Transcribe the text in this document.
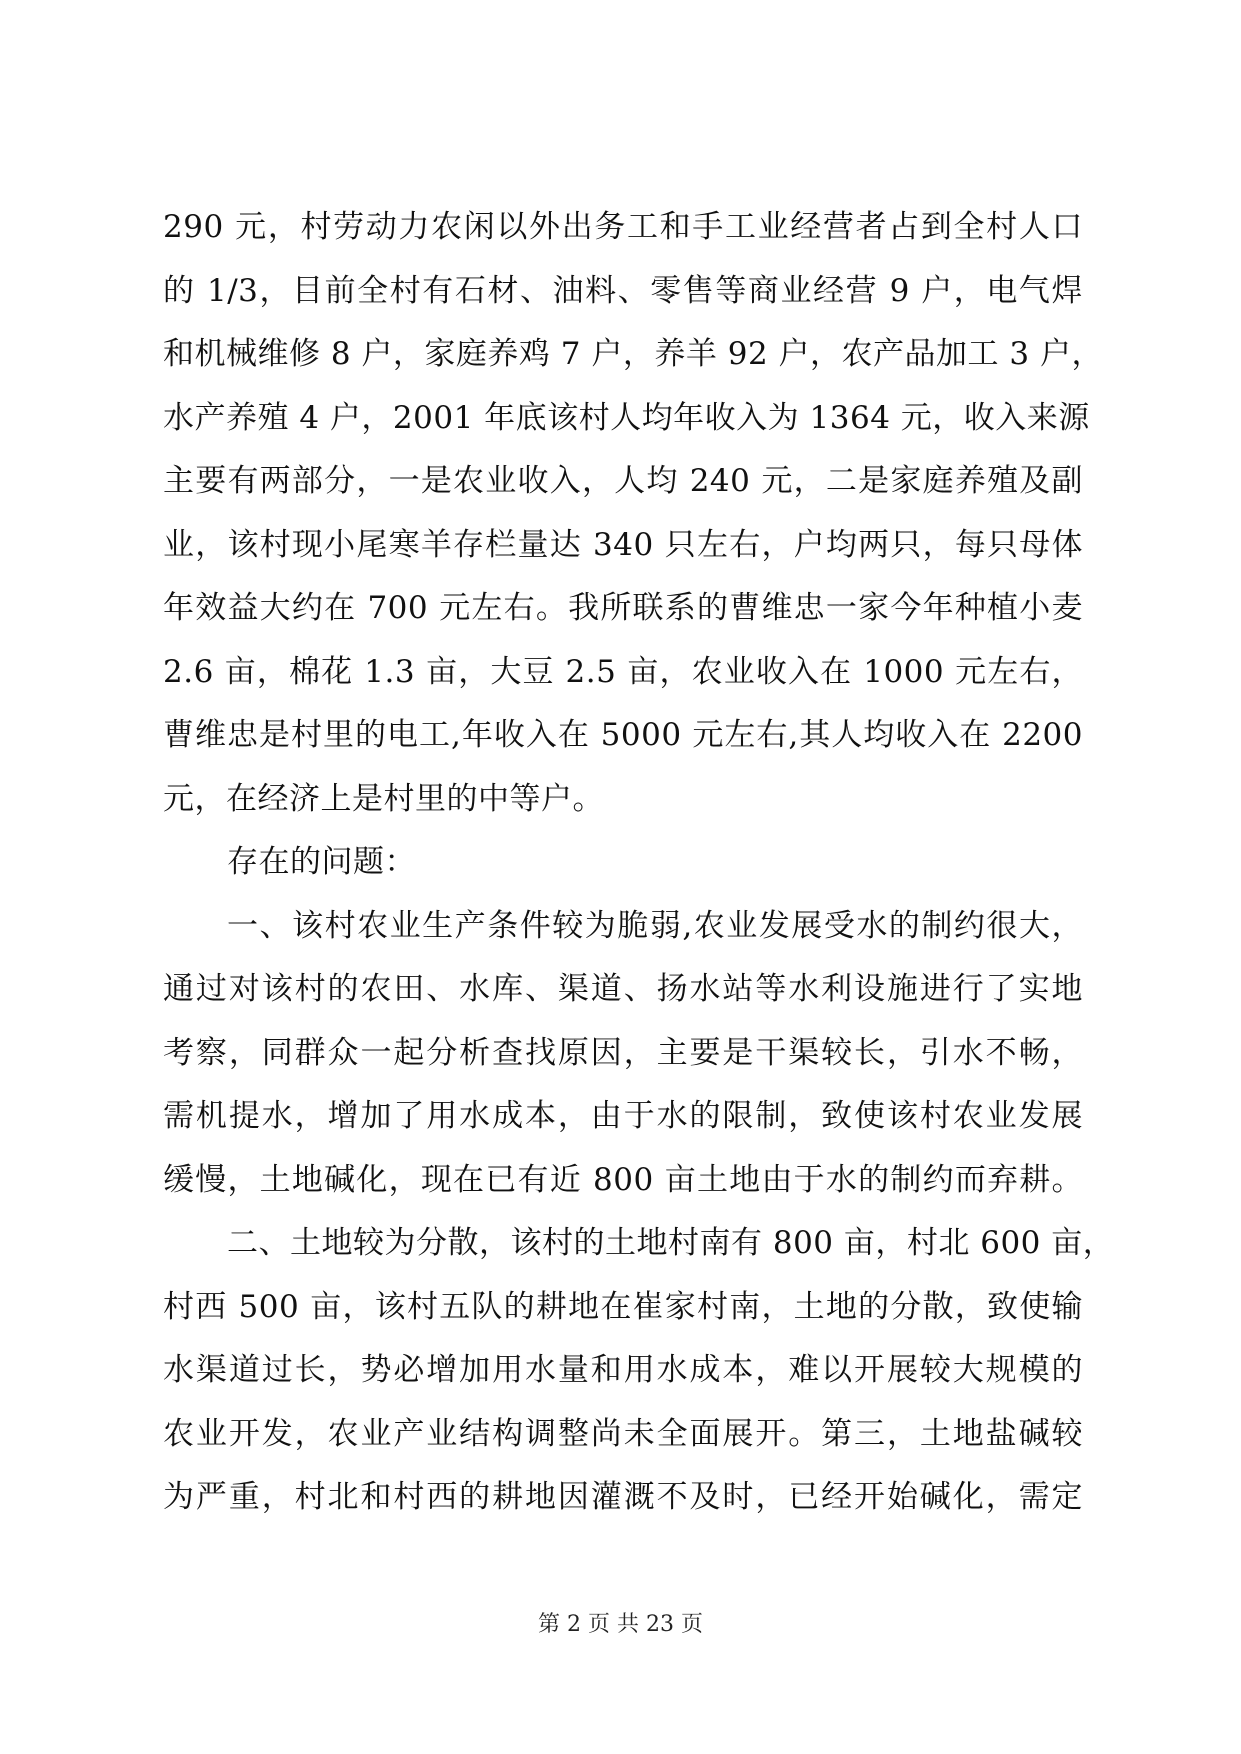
290 元，村劳动力农闲以外出务工和手工业经营者占到全村人口
的 1/3，目前全村有石材、油料、零售等商业经营 9 户，电气焊
和机械维修 8 户，家庭养鸡 7 户，养羊 92 户，农产品加工 3 户，
水产养殖 4 户，2001 年底该村人均年收入为 1364 元，收入来源
主要有两部分，一是农业收入，人均 240 元，二是家庭养殖及副
业，该村现小尾寒羊存栏量达 340 只左右，户均两只，每只母体
年效益大约在 700 元左右。我所联系的曹维忠一家今年种植小麦
2.6 亩，棉花 1.3 亩，大豆 2.5 亩，农业收入在 1000 元左右，
曹维忠是村里的电工,年收入在 5000 元左右,其人均收入在 2200
元，在经济上是村里的中等户。
存在的问题：
一、该村农业生产条件较为脆弱,农业发展受水的制约很大，
通过对该村的农田、水库、渠道、扬水站等水利设施进行了实地
考察，同群众一起分析查找原因，主要是干渠较长，引水不畅，
需机提水，增加了用水成本，由于水的限制，致使该村农业发展
缓慢，土地碱化，现在已有近 800 亩土地由于水的制约而弃耕。
二、土地较为分散，该村的土地村南有 800 亩，村北 600 亩，
村西 500 亩，该村五队的耕地在崔家村南，土地的分散，致使输
水渠道过长，势必增加用水量和用水成本，难以开展较大规模的
农业开发，农业产业结构调整尚未全面展开。第三，土地盐碱较
为严重，村北和村西的耕地因灌溉不及时，已经开始碱化，需定
第 2 页 共 23 页
